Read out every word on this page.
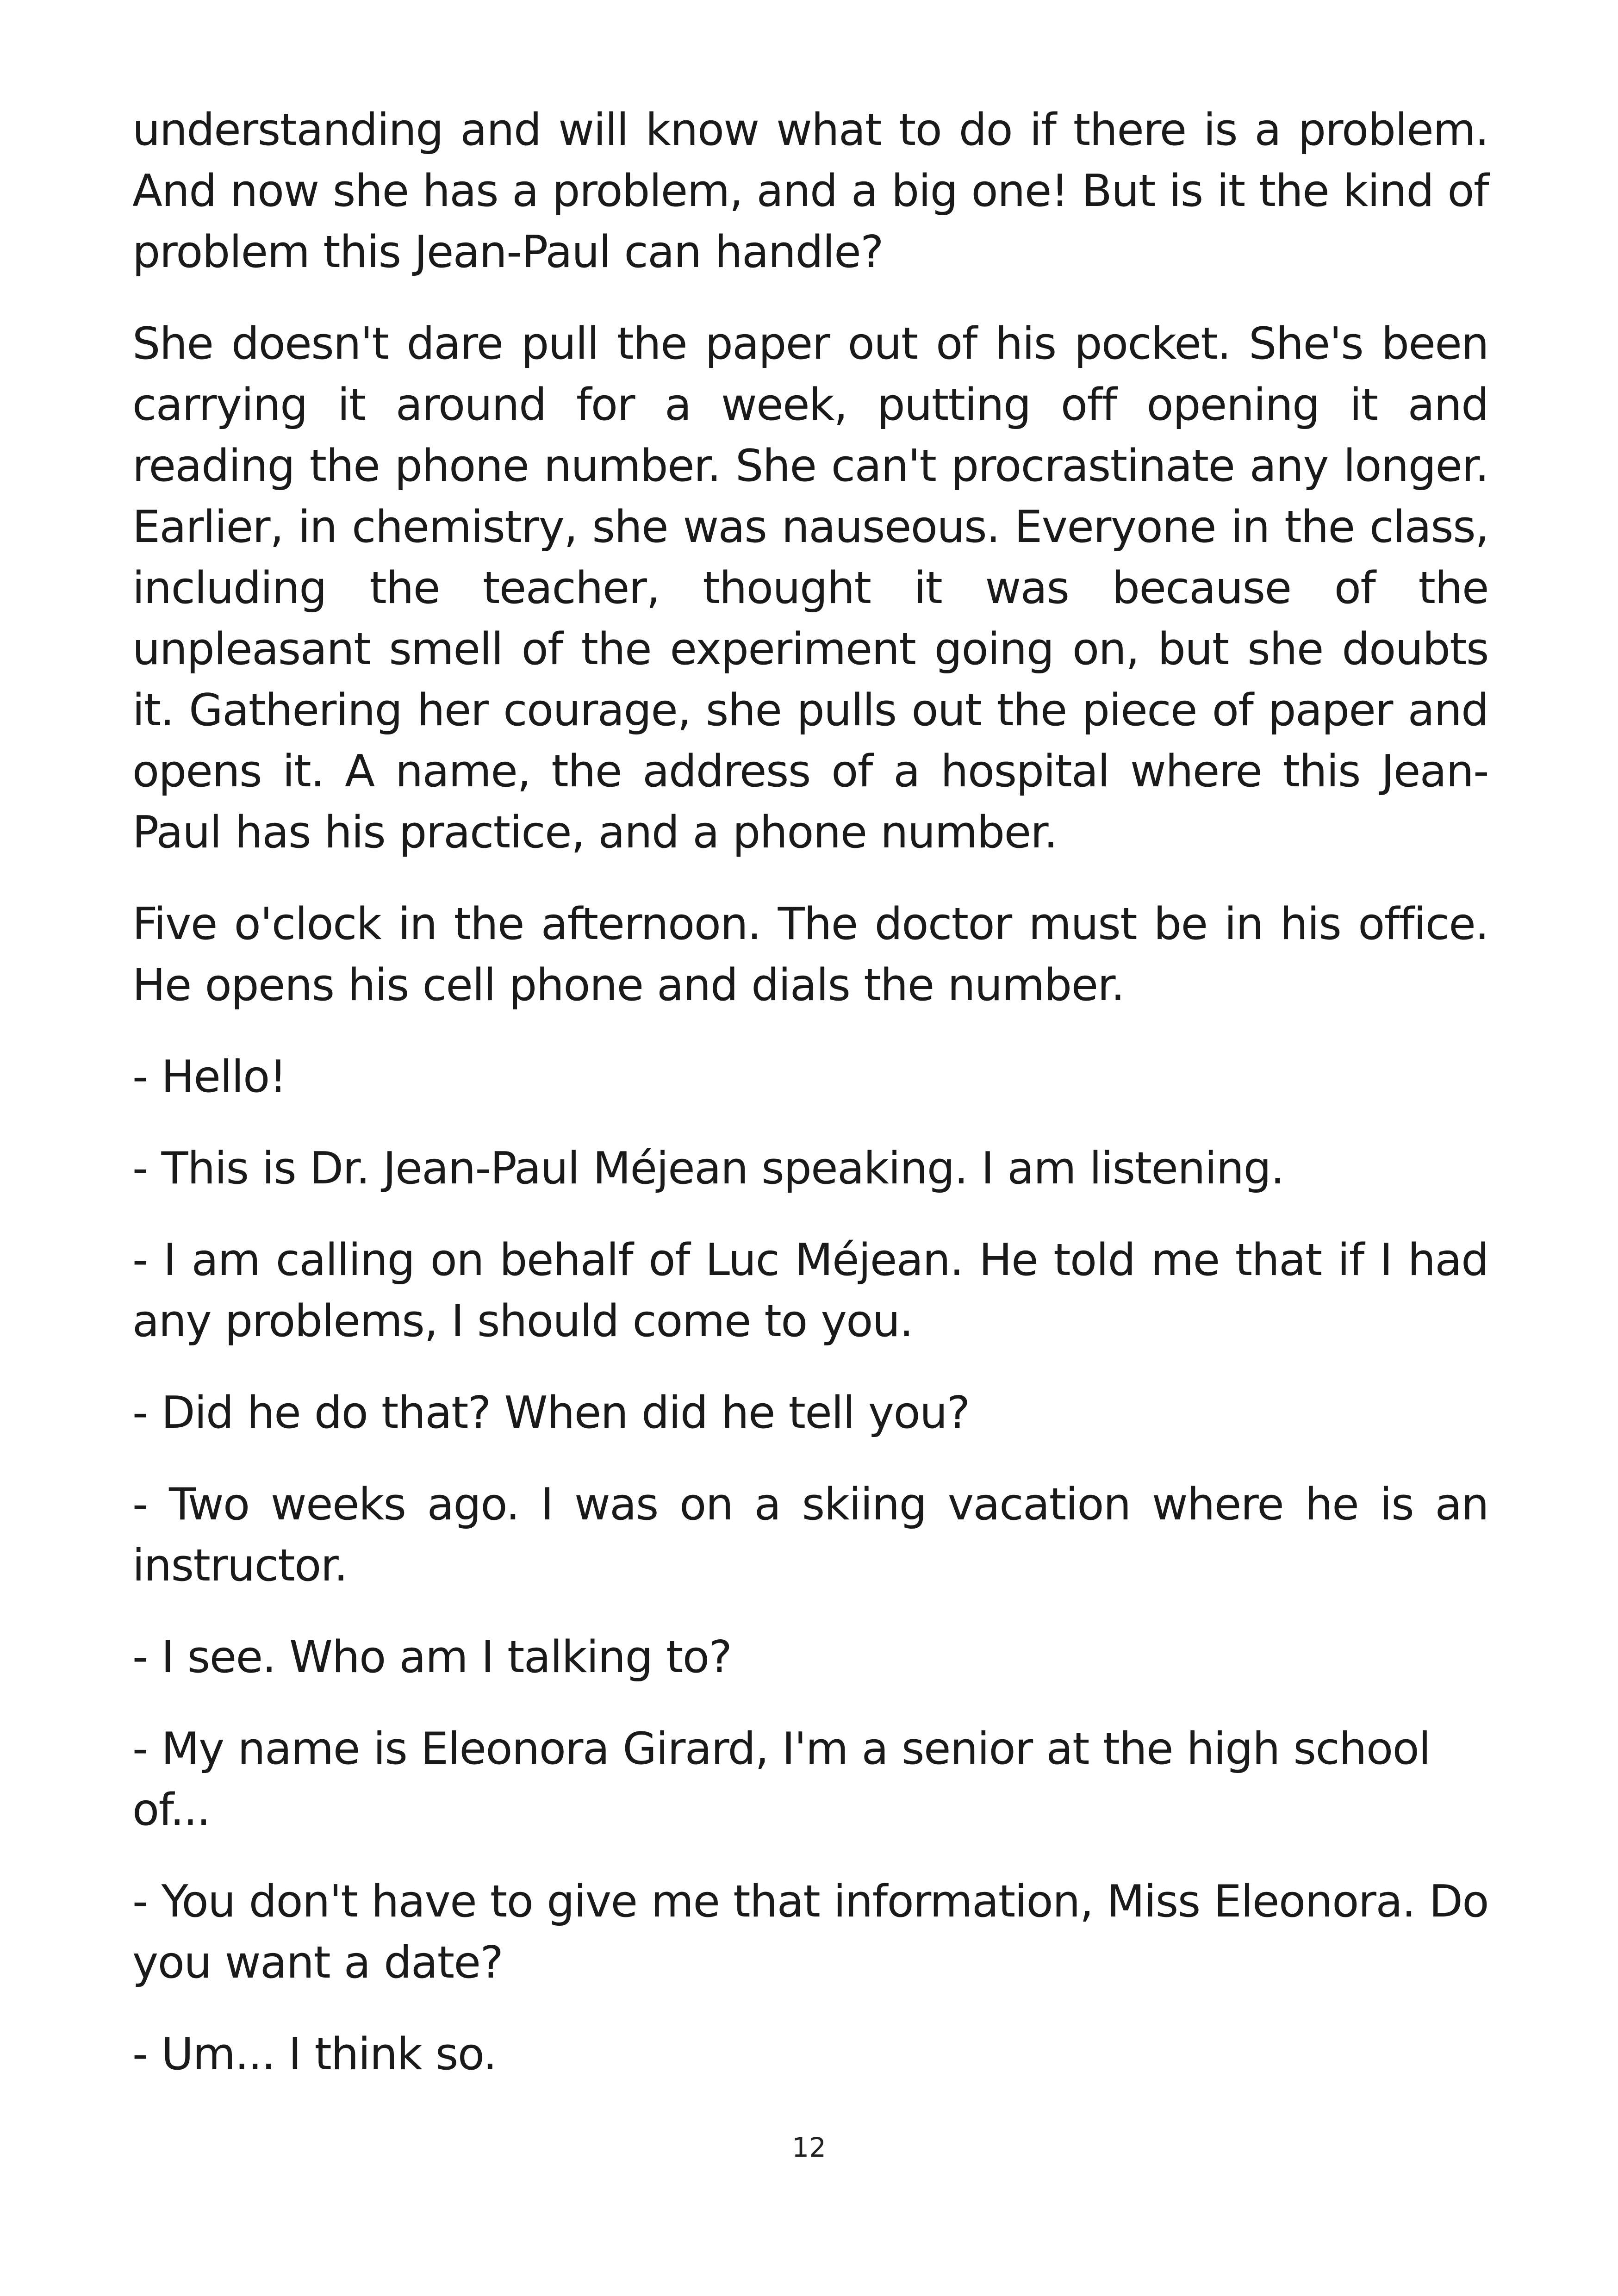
understanding and will know what to do if there is a problem. And now she has a problem, and a big one! But is it the kind of problem this Jean-Paul can handle?

She doesn't dare pull the paper out of his pocket. She's been carrying it around for a week, putting off opening it and reading the phone number. She can't procrastinate any longer. Earlier, in chemistry, she was nauseous. Everyone in the class, including the teacher, thought it was because of the unpleasant smell of the experiment going on, but she doubts it. Gathering her courage, she pulls out the piece of paper and opens it. A name, the address of a hospital where this Jean-Paul has his practice, and a phone number.

Five o'clock in the afternoon. The doctor must be in his office. He opens his cell phone and dials the number.

- Hello!

- This is Dr. Jean-Paul Méjean speaking. I am listening.

- I am calling on behalf of Luc Méjean. He told me that if I had any problems, I should come to you.

- Did he do that? When did he tell you?

- Two weeks ago. I was on a skiing vacation where he is an instructor.

- I see. Who am I talking to?

- My name is Eleonora Girard, I'm a senior at the high school of...

- You don't have to give me that information, Miss Eleonora. Do you want a date?

- Um... I think so.

12
